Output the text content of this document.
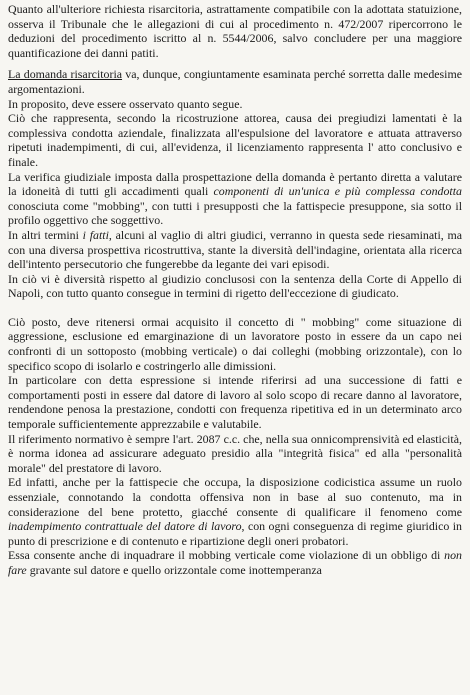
Quanto all'ulteriore richiesta risarcitoria, astrattamente compatibile con la adottata statuizione, osserva il Tribunale che le allegazioni di cui al procedimento n. 472/2007 ripercorrono le deduzioni del procedimento iscritto al n. 5544/2006, salvo concludere per una maggiore quantificazione dei danni patiti.

La domanda risarcitoria va, dunque, congiuntamente esaminata perché sorretta dalle medesime argomentazioni.

In proposito, deve essere osservato quanto segue.

Ciò che rappresenta, secondo la ricostruzione attorea, causa dei pregiudizi lamentati è la complessiva condotta aziendale, finalizzata all'espulsione del lavoratore e attuata attraverso ripetuti inadempimenti, di cui, all'evidenza, il licenziamento rappresenta l' atto conclusivo e finale.

La verifica giudiziale imposta dalla prospettazione della domanda è pertanto diretta a valutare la idoneità di tutti gli accadimenti quali componenti di un'unica e più complessa condotta conosciuta come "mobbing", con tutti i presupposti che la fattispecie presuppone, sia sotto il profilo oggettivo che soggettivo.

In altri termini i fatti, alcuni al vaglio di altri giudici, verranno in questa sede riesaminati, ma con una diversa prospettiva ricostruttiva, stante la diversità dell'indagine, orientata alla ricerca dell'intento persecutorio che fungerebbe da legante dei vari episodi.

In ciò vi è diversità rispetto al giudizio conclusosi con la sentenza della Corte di Appello di Napoli, con tutto quanto consegue in termini di rigetto dell'eccezione di giudicato.

Ciò posto, deve ritenersi ormai acquisito il concetto di " mobbing" come situazione di aggressione, esclusione ed emarginazione di un lavoratore posto in essere da un capo nei confronti di un sottoposto (mobbing verticale) o dai colleghi (mobbing orizzontale), con lo specifico scopo di isolarlo e costringerlo alle dimissioni.

In particolare con detta espressione si intende riferirsi ad una successione di fatti e comportamenti posti in essere dal datore di lavoro al solo scopo di recare danno al lavoratore, rendendone penosa la prestazione, condotti con frequenza ripetitiva ed in un determinato arco temporale sufficientemente apprezzabile e valutabile.

Il riferimento normativo è sempre l'art. 2087 c.c. che, nella sua onnicomprensività ed elasticità, è norma idonea ad assicurare adeguato presidio alla "integrità fisica" ed alla "personalità morale" del prestatore di lavoro.

Ed infatti, anche per la fattispecie che occupa, la disposizione codicistica assume un ruolo essenziale, connotando la condotta offensiva non in base al suo contenuto, ma in considerazione del bene protetto, giacché consente di qualificare il fenomeno come inadempimento contrattuale del datore di lavoro, con ogni conseguenza di regime giuridico in punto di prescrizione e di contenuto e ripartizione degli oneri probatori.

Essa consente anche di inquadrare il mobbing verticale come violazione di un obbligo di non fare gravante sul datore e quello orizzontale come inottemperanza
